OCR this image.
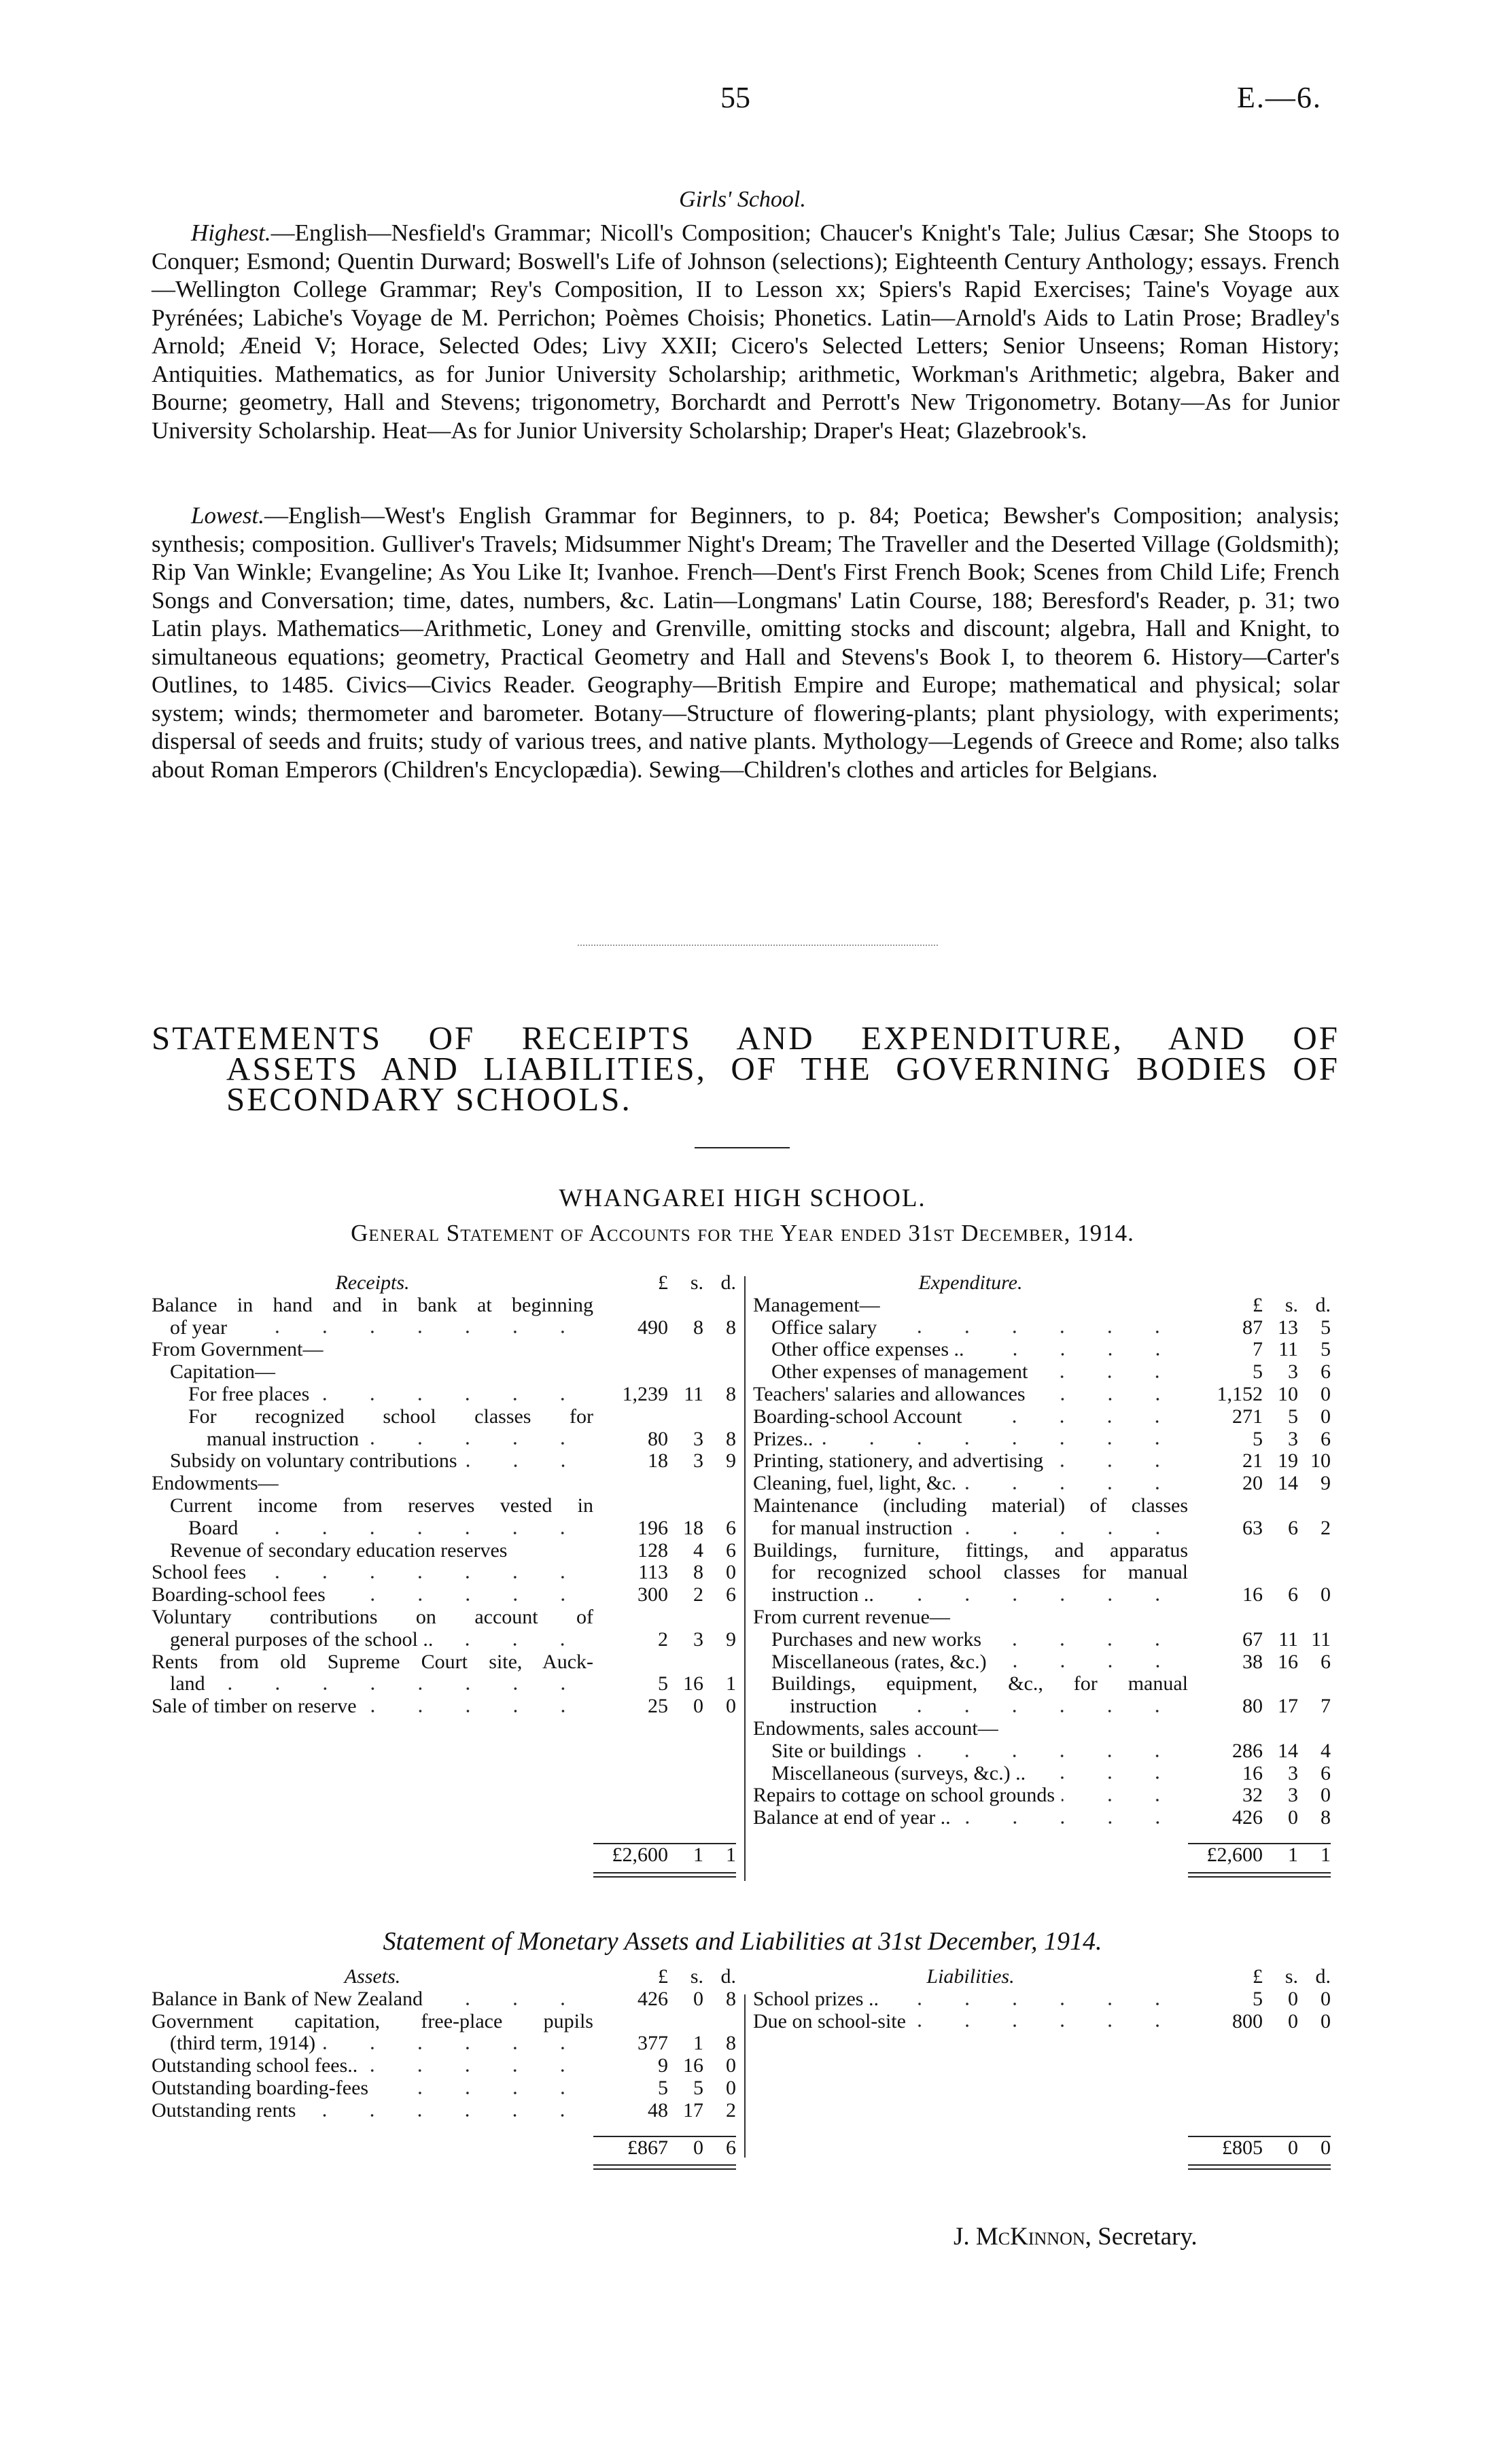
55	E.—6.
Girls' School.

Highest.—English—Nesfield's Grammar; Nicoll's Composition; Chaucer's Knight's Tale; Julius Cæsar; She Stoops to Conquer; Esmond; Quentin Durward; Boswell's Life of Johnson (selections); Eighteenth Century Anthology; essays. French—Wellington College Grammar; Rey's Composition, II to Lesson xx; Spiers's Rapid Exercises; Taine's Voyage aux Pyrénées; Labiche's Voyage de M. Perrichon; Poèmes Choisis; Phonetics. Latin—Arnold's Aids to Latin Prose; Bradley's Arnold; Æneid V; Horace, Selected Odes; Livy XXII; Cicero's Selected Letters; Senior Unseens; Roman History; Antiquities. Mathematics, as for Junior University Scholarship; arithmetic, Workman's Arithmetic; algebra, Baker and Bourne; geometry, Hall and Stevens; trigonometry, Borchardt and Perrott's New Trigonometry. Botany—As for Junior University Scholarship. Heat—As for Junior University Scholarship; Draper's Heat; Glazebrook's.

Lowest.—English—West's English Grammar for Beginners, to p. 84; Poetica; Bewsher's Composition; analysis; synthesis; composition. Gulliver's Travels; Midsummer Night's Dream; The Traveller and the Deserted Village (Goldsmith); Rip Van Winkle; Evangeline; As You Like It; Ivanhoe. French—Dent's First French Book; Scenes from Child Life; French Songs and Conversation; time, dates, numbers, &c. Latin—Longmans' Latin Course, 188; Beresford's Reader, p. 31; two Latin plays. Mathematics—Arithmetic, Loney and Grenville, omitting stocks and discount; algebra, Hall and Knight, to simultaneous equations; geometry, Practical Geometry and Hall and Stevens's Book I, to theorem 6. History—Carter's Outlines, to 1485. Civics—Civics Reader. Geography—British Empire and Europe; mathematical and physical; solar system; winds; thermometer and barometer. Botany—Structure of flowering-plants; plant physiology, with experiments; dispersal of seeds and fruits; study of various trees, and native plants. Mythology—Legends of Greece and Rome; also talks about Roman Emperors (Children's Encyclopædia). Sewing—Children's clothes and articles for Belgians.

STATEMENTS OF RECEIPTS AND EXPENDITURE, AND OF
ASSETS AND LIABILITIES, OF THE GOVERNING BODIES OF
SECONDARY SCHOOLS.
WHANGAREI HIGH SCHOOL.
General Statement of Accounts for the Year ended 31st December, 1914.
Receipts.	£	s. d.
Balance in hand and in bank at beginning
of year	490	8	8
From Government—
Capitation—
For free places	1,239 11	8
For recognized school classes for
manual instruction	80	3	8
Subsidy on voluntary contributions	18	3	9
Endowments—
Current income from reserves vested in
Board	196 18	6
Revenue of secondary education reserves	128	4	6
School fees	113	8	0
Boarding-school fees	300	2	6
Voluntary contributions on account of
general purposes of the school ..	2	3	9
Rents from old Supreme Court site, Auck-
land	5 16	1
Sale of timber on reserve	25	0	0
£2,600	1	1
Expenditure.
Management—	£	s. d.
Office salary	87 13	5
Other office expenses ..	7 11	5
Other expenses of management	5	3	6
Teachers' salaries and allowances	1,152 10	0
Boarding-school Account	271	5	0
Prizes..	5	3	6
Printing, stationery, and advertising	21 19 10
Cleaning, fuel, light, &c.	20 14	9
Maintenance (including material) of classes
for manual instruction	63	6	2
Buildings, furniture, fittings, and apparatus
for recognized school classes for manual
instruction ..	16	6	0
From current revenue—
Purchases and new works	67 11 11
Miscellaneous (rates, &c.)	38 16	6
Buildings, equipment, &c., for manual
instruction	80 17	7
Endowments, sales account—
Site or buildings	286 14	4
Miscellaneous (surveys, &c.) ..	16	3	6
Repairs to cottage on school grounds	32	3	0
Balance at end of year ..	426	0	8
£2,600	1	1
Statement of Monetary Assets and Liabilities at 31st December, 1914.
Assets.	£	s. d.
Balance in Bank of New Zealand	426	0	8
Government capitation, free-place pupils
(third term, 1914)	377	1	8
Outstanding school fees..	9 16	0
Outstanding boarding-fees	5	5	0
Outstanding rents	48 17	2
£867	0	6
Liabilities.	£	s. d.
School prizes ..	5	0	0
Due on school-site	800	0	0
£805	0	0
J. McKinnon, Secretary.
